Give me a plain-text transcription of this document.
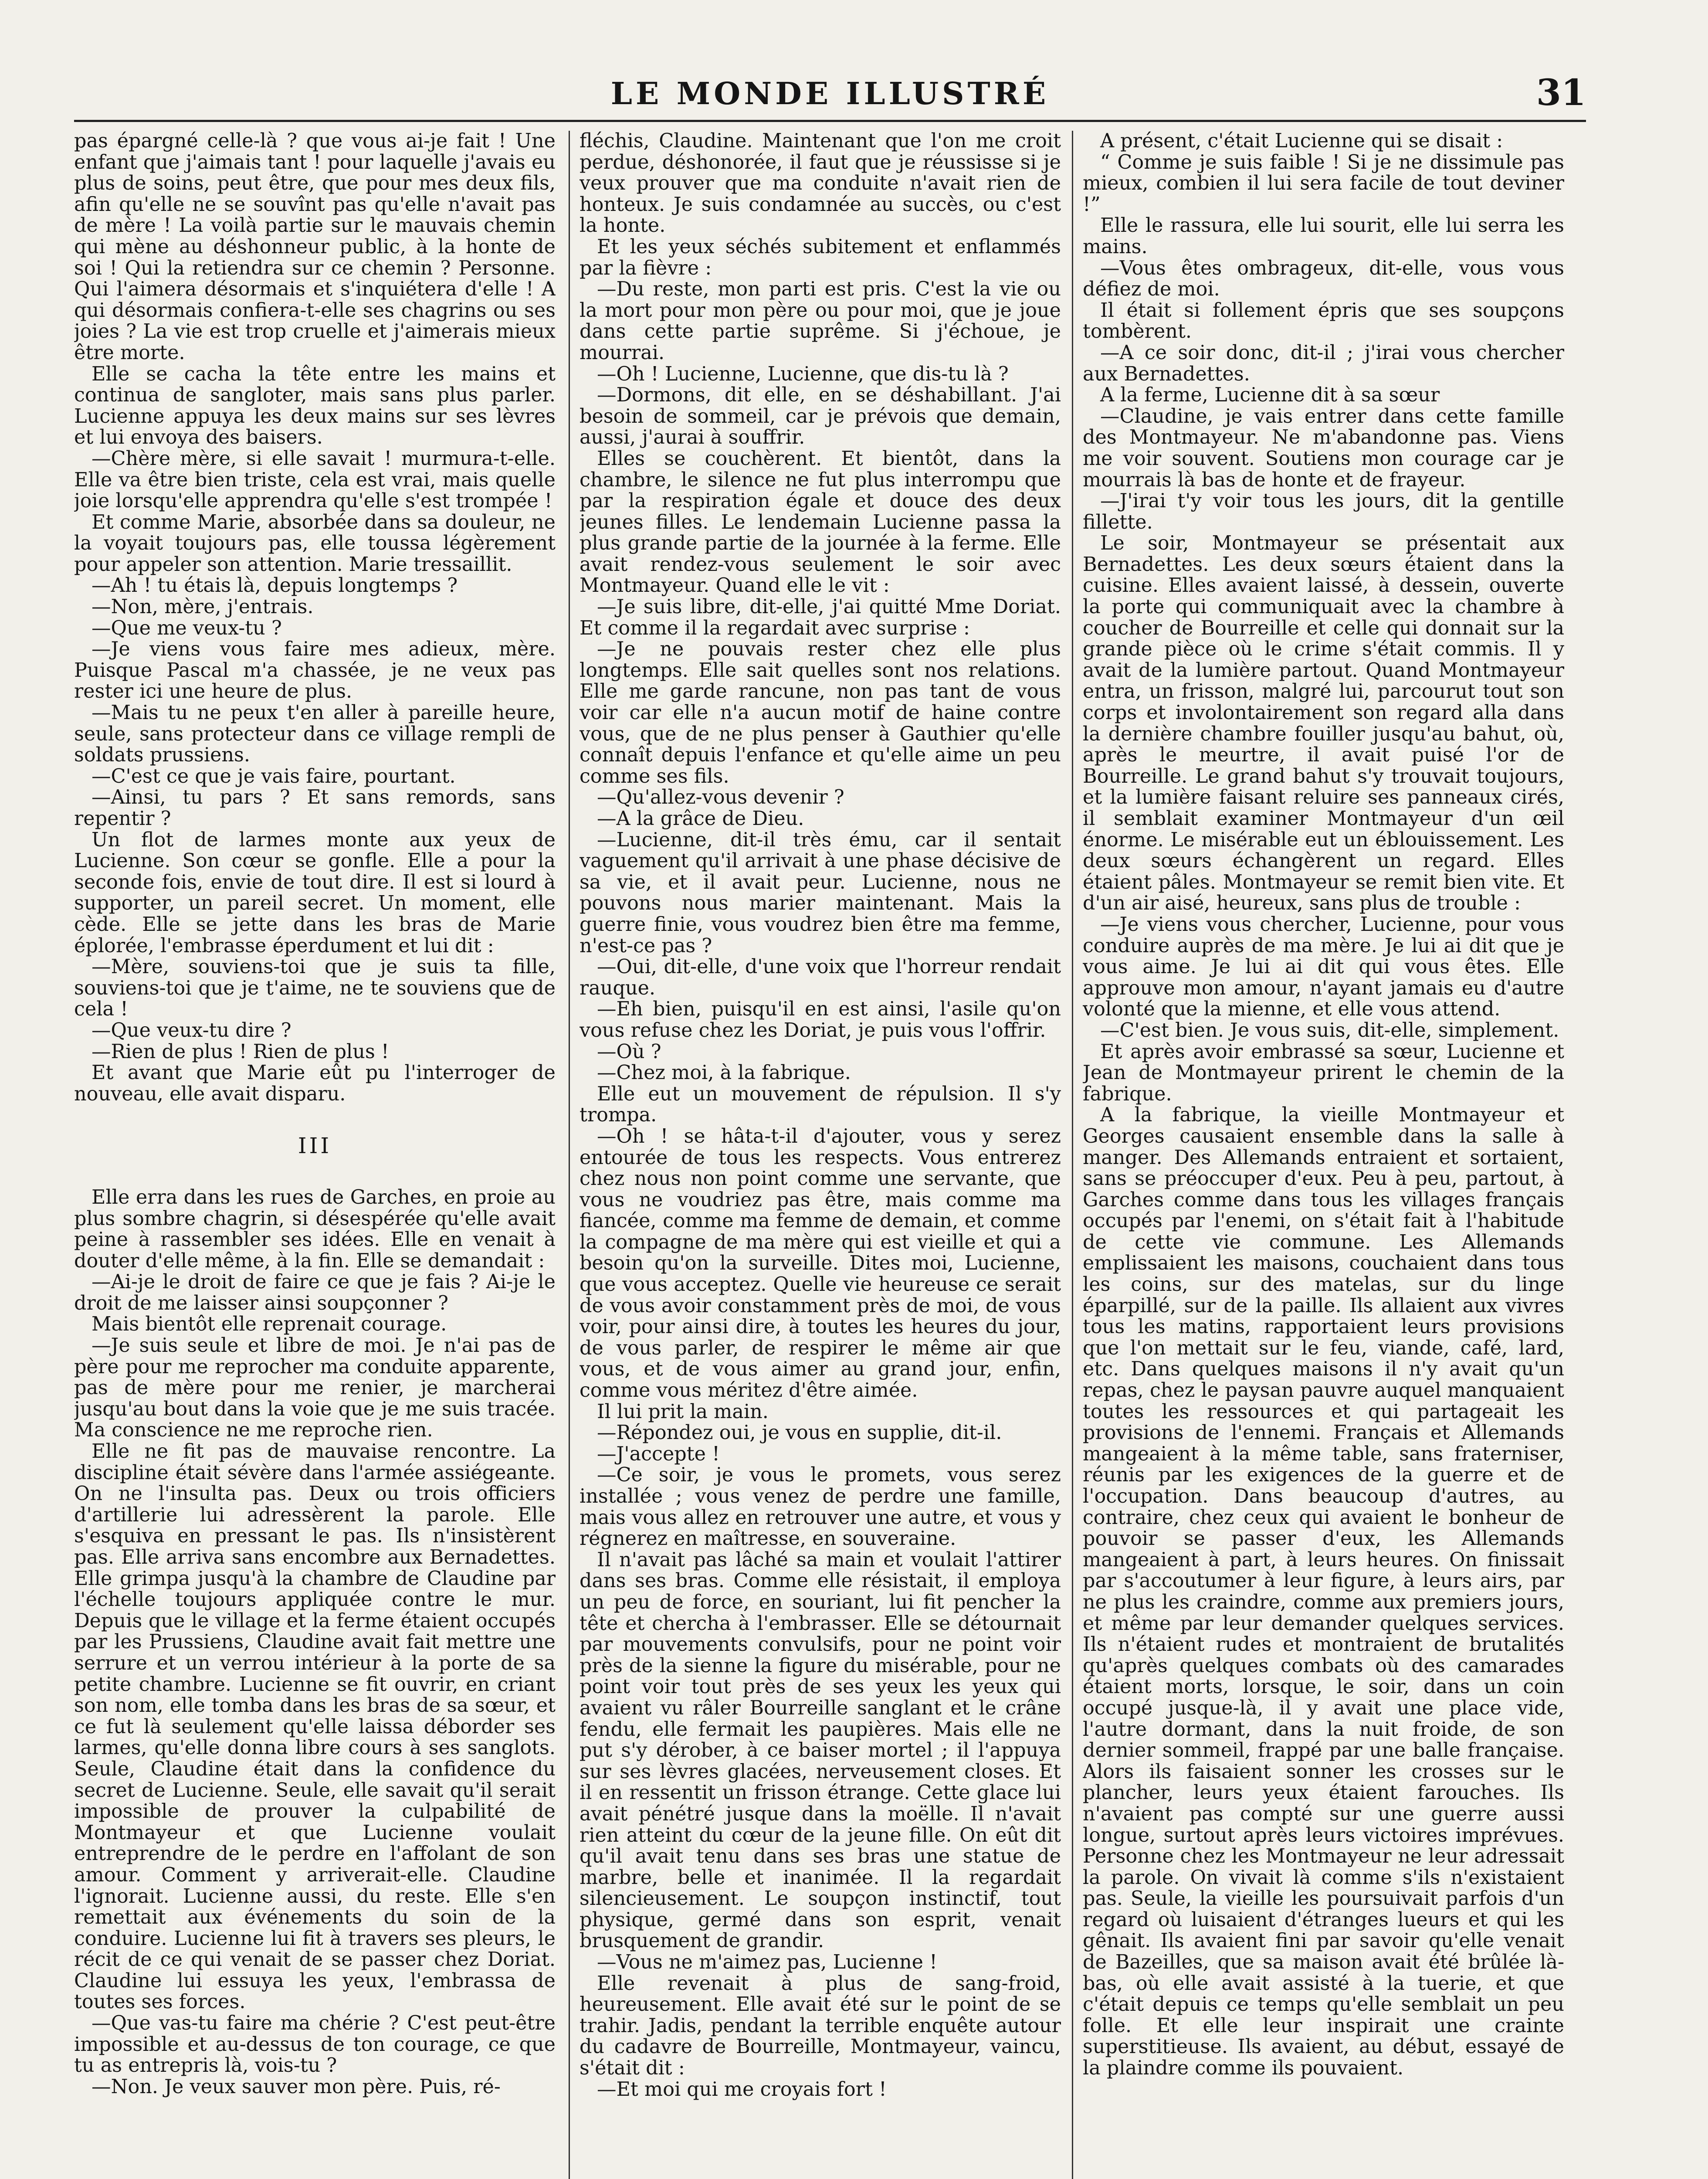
LE MONDE ILLUSTRÉ	31

pas épargné celle-là ? que vous ai-je fait ! Une enfant que j'aimais tant ! pour laquelle j'avais eu plus de soins, peut être, que pour mes deux fils, afin qu'elle ne se souvînt pas qu'elle n'avait pas de mère ! La voilà partie sur le mauvais chemin qui mène au déshonneur public, à la honte de soi ! Qui la retiendra sur ce chemin ? Personne. Qui l'aimera désormais et s'inquiétera d'elle ! A qui désormais confiera-t-elle ses chagrins ou ses joies ? La vie est trop cruelle et j'aimerais mieux être morte.

Elle se cacha la tête entre les mains et continua de sangloter, mais sans plus parler. Lucienne appuya les deux mains sur ses lèvres et lui envoya des baisers.

—Chère mère, si elle savait ! murmura-t-elle. Elle va être bien triste, cela est vrai, mais quelle joie lorsqu'elle apprendra qu'elle s'est trompée !

Et comme Marie, absorbée dans sa douleur, ne la voyait toujours pas, elle toussa légèrement pour appeler son attention. Marie tressaillit.

—Ah ! tu étais là, depuis longtemps ?

—Non, mère, j'entrais.

—Que me veux-tu ?

—Je viens vous faire mes adieux, mère. Puisque Pascal m'a chassée, je ne veux pas rester ici une heure de plus.

—Mais tu ne peux t'en aller à pareille heure, seule, sans protecteur dans ce village rempli de soldats prussiens.

—C'est ce que je vais faire, pourtant.

—Ainsi, tu pars ? Et sans remords, sans repentir ?

Un flot de larmes monte aux yeux de Lucienne. Son cœur se gonfle. Elle a pour la seconde fois, envie de tout dire. Il est si lourd à supporter, un pareil secret. Un moment, elle cède. Elle se jette dans les bras de Marie éplorée, l'embrasse éperdument et lui dit :

—Mère, souviens-toi que je suis ta fille, souviens-toi que je t'aime, ne te souviens que de cela !

—Que veux-tu dire ?

—Rien de plus ! Rien de plus !

Et avant que Marie eût pu l'interroger de nouveau, elle avait disparu.

III

Elle erra dans les rues de Garches, en proie au plus sombre chagrin, si désespérée qu'elle avait peine à rassembler ses idées. Elle en venait à douter d'elle même, à la fin. Elle se demandait :

—Ai-je le droit de faire ce que je fais ? Ai-je le droit de me laisser ainsi soupçonner ?

Mais bientôt elle reprenait courage.

—Je suis seule et libre de moi. Je n'ai pas de père pour me reprocher ma conduite apparente, pas de mère pour me renier, je marcherai jusqu'au bout dans la voie que je me suis tracée. Ma conscience ne me reproche rien.

Elle ne fit pas de mauvaise rencontre. La discipline était sévère dans l'armée assiégeante. On ne l'insulta pas. Deux ou trois officiers d'artillerie lui adressèrent la parole. Elle s'esquiva en pressant le pas. Ils n'insistèrent pas. Elle arriva sans encombre aux Bernadettes. Elle grimpa jusqu'à la chambre de Claudine par l'échelle toujours appliquée contre le mur. Depuis que le village et la ferme étaient occupés par les Prussiens, Claudine avait fait mettre une serrure et un verrou intérieur à la porte de sa petite chambre. Lucienne se fit ouvrir, en criant son nom, elle tomba dans les bras de sa sœur, et ce fut là seulement qu'elle laissa déborder ses larmes, qu'elle donna libre cours à ses sanglots. Seule, Claudine était dans la confidence du secret de Lucienne. Seule, elle savait qu'il serait impossible de prouver la culpabilité de Montmayeur et que Lucienne voulait entreprendre de le perdre en l'affolant de son amour. Comment y arriverait-elle. Claudine l'ignorait. Lucienne aussi, du reste. Elle s'en remettait aux événements du soin de la conduire. Lucienne lui fit à travers ses pleurs, le récit de ce qui venait de se passer chez Doriat. Claudine lui essuya les yeux, l'embrassa de toutes ses forces.

—Que vas-tu faire ma chérie ? C'est peut-être impossible et au-dessus de ton courage, ce que tu as entrepris là, vois-tu ?

—Non. Je veux sauver mon père. Puis, ré-

fléchis, Claudine. Maintenant que l'on me croit perdue, déshonorée, il faut que je réussisse si je veux prouver que ma conduite n'avait rien de honteux. Je suis condamnée au succès, ou c'est la honte.

Et les yeux séchés subitement et enflammés par la fièvre :

—Du reste, mon parti est pris. C'est la vie ou la mort pour mon père ou pour moi, que je joue dans cette partie suprême. Si j'échoue, je mourrai.

—Oh ! Lucienne, Lucienne, que dis-tu là ?

—Dormons, dit elle, en se déshabillant. J'ai besoin de sommeil, car je prévois que demain, aussi, j'aurai à souffrir.

Elles se couchèrent. Et bientôt, dans la chambre, le silence ne fut plus interrompu que par la respiration égale et douce des deux jeunes filles. Le lendemain Lucienne passa la plus grande partie de la journée à la ferme. Elle avait rendez-vous seulement le soir avec Montmayeur. Quand elle le vit :

—Je suis libre, dit-elle, j'ai quitté Mme Doriat. Et comme il la regardait avec surprise :

—Je ne pouvais rester chez elle plus longtemps. Elle sait quelles sont nos relations. Elle me garde rancune, non pas tant de vous voir car elle n'a aucun motif de haine contre vous, que de ne plus penser à Gauthier qu'elle connaît depuis l'enfance et qu'elle aime un peu comme ses fils.

—Qu'allez-vous devenir ?

—A la grâce de Dieu.

—Lucienne, dit-il très ému, car il sentait vaguement qu'il arrivait à une phase décisive de sa vie, et il avait peur. Lucienne, nous ne pouvons nous marier maintenant. Mais la guerre finie, vous voudrez bien être ma femme, n'est-ce pas ?

—Oui, dit-elle, d'une voix que l'horreur rendait rauque.

—Eh bien, puisqu'il en est ainsi, l'asile qu'on vous refuse chez les Doriat, je puis vous l'offrir.

—Où ?

—Chez moi, à la fabrique.

Elle eut un mouvement de répulsion. Il s'y trompa.

—Oh ! se hâta-t-il d'ajouter, vous y serez entourée de tous les respects. Vous entrerez chez nous non point comme une servante, que vous ne voudriez pas être, mais comme ma fiancée, comme ma femme de demain, et comme la compagne de ma mère qui est vieille et qui a besoin qu'on la surveille. Dites moi, Lucienne, que vous acceptez. Quelle vie heureuse ce serait de vous avoir constamment près de moi, de vous voir, pour ainsi dire, à toutes les heures du jour, de vous parler, de respirer le même air que vous, et de vous aimer au grand jour, enfin, comme vous méritez d'être aimée.

Il lui prit la main.

—Répondez oui, je vous en supplie, dit-il.

—J'accepte !

—Ce soir, je vous le promets, vous serez installée ; vous venez de perdre une famille, mais vous allez en retrouver une autre, et vous y régnerez en maîtresse, en souveraine.

Il n'avait pas lâché sa main et voulait l'attirer dans ses bras. Comme elle résistait, il employa un peu de force, en souriant, lui fit pencher la tête et chercha à l'embrasser. Elle se détournait par mouvements convulsifs, pour ne point voir près de la sienne la figure du misérable, pour ne point voir tout près de ses yeux les yeux qui avaient vu râler Bourreille sanglant et le crâne fendu, elle fermait les paupières. Mais elle ne put s'y dérober, à ce baiser mortel ; il l'appuya sur ses lèvres glacées, nerveusement closes. Et il en ressentit un frisson étrange. Cette glace lui avait pénétré jusque dans la moëlle. Il n'avait rien atteint du cœur de la jeune fille. On eût dit qu'il avait tenu dans ses bras une statue de marbre, belle et inanimée. Il la regardait silencieusement. Le soupçon instinctif, tout physique, germé dans son esprit, venait brusquement de grandir.

—Vous ne m'aimez pas, Lucienne !

Elle revenait à plus de sang-froid, heureusement. Elle avait été sur le point de se trahir. Jadis, pendant la terrible enquête autour du cadavre de Bourreille, Montmayeur, vaincu, s'était dit :

—Et moi qui me croyais fort !

A présent, c'était Lucienne qui se disait :

“ Comme je suis faible ! Si je ne dissimule pas mieux, combien il lui sera facile de tout deviner !”

Elle le rassura, elle lui sourit, elle lui serra les mains.

—Vous êtes ombrageux, dit-elle, vous vous défiez de moi.

Il était si follement épris que ses soupçons tombèrent.

—A ce soir donc, dit-il ; j'irai vous chercher aux Bernadettes.

A la ferme, Lucienne dit à sa sœur

—Claudine, je vais entrer dans cette famille des Montmayeur. Ne m'abandonne pas. Viens me voir souvent. Soutiens mon courage car je mourrais là bas de honte et de frayeur.

—J'irai t'y voir tous les jours, dit la gentille fillette.

Le soir, Montmayeur se présentait aux Bernadettes. Les deux sœurs étaient dans la cuisine. Elles avaient laissé, à dessein, ouverte la porte qui communiquait avec la chambre à coucher de Bourreille et celle qui donnait sur la grande pièce où le crime s'était commis. Il y avait de la lumière partout. Quand Montmayeur entra, un frisson, malgré lui, parcourut tout son corps et involontairement son regard alla dans la dernière chambre fouiller jusqu'au bahut, où, après le meurtre, il avait puisé l'or de Bourreille. Le grand bahut s'y trouvait toujours, et la lumière faisant reluire ses panneaux cirés, il semblait examiner Montmayeur d'un œil énorme. Le misérable eut un éblouissement. Les deux sœurs échangèrent un regard. Elles étaient pâles. Montmayeur se remit bien vite. Et d'un air aisé, heureux, sans plus de trouble :

—Je viens vous chercher, Lucienne, pour vous conduire auprès de ma mère. Je lui ai dit que je vous aime. Je lui ai dit qui vous êtes. Elle approuve mon amour, n'ayant jamais eu d'autre volonté que la mienne, et elle vous attend.

—C'est bien. Je vous suis, dit-elle, simplement.

Et après avoir embrassé sa sœur, Lucienne et Jean de Montmayeur prirent le chemin de la fabrique.

A la fabrique, la vieille Montmayeur et Georges causaient ensemble dans la salle à manger. Des Allemands entraient et sortaient, sans se préoccuper d'eux. Peu à peu, partout, à Garches comme dans tous les villages français occupés par l'enemi, on s'était fait à l'habitude de cette vie commune. Les Allemands emplissaient les maisons, couchaient dans tous les coins, sur des matelas, sur du linge éparpillé, sur de la paille. Ils allaient aux vivres tous les matins, rapportaient leurs provisions que l'on mettait sur le feu, viande, café, lard, etc. Dans quelques maisons il n'y avait qu'un repas, chez le paysan pauvre auquel manquaient toutes les ressources et qui partageait les provisions de l'ennemi. Français et Allemands mangeaient à la même table, sans fraterniser, réunis par les exigences de la guerre et de l'occupation. Dans beaucoup d'autres, au contraire, chez ceux qui avaient le bonheur de pouvoir se passer d'eux, les Allemands mangeaient à part, à leurs heures. On finissait par s'accoutumer à leur figure, à leurs airs, par ne plus les craindre, comme aux premiers jours, et même par leur demander quelques services. Ils n'étaient rudes et montraient de brutalités qu'après quelques combats où des camarades étaient morts, lorsque, le soir, dans un coin occupé jusque-là, il y avait une place vide, l'autre dormant, dans la nuit froide, de son dernier sommeil, frappé par une balle française. Alors ils faisaient sonner les crosses sur le plancher, leurs yeux étaient farouches. Ils n'avaient pas compté sur une guerre aussi longue, surtout après leurs victoires imprévues. Personne chez les Montmayeur ne leur adressait la parole. On vivait là comme s'ils n'existaient pas. Seule, la vieille les poursuivait parfois d'un regard où luisaient d'étranges lueurs et qui les gênait. Ils avaient fini par savoir qu'elle venait de Bazeilles, que sa maison avait été brûlée là-bas, où elle avait assisté à la tuerie, et que c'était depuis ce temps qu'elle semblait un peu folle. Et elle leur inspirait une crainte superstitieuse. Ils avaient, au début, essayé de la plaindre comme ils pouvaient.
